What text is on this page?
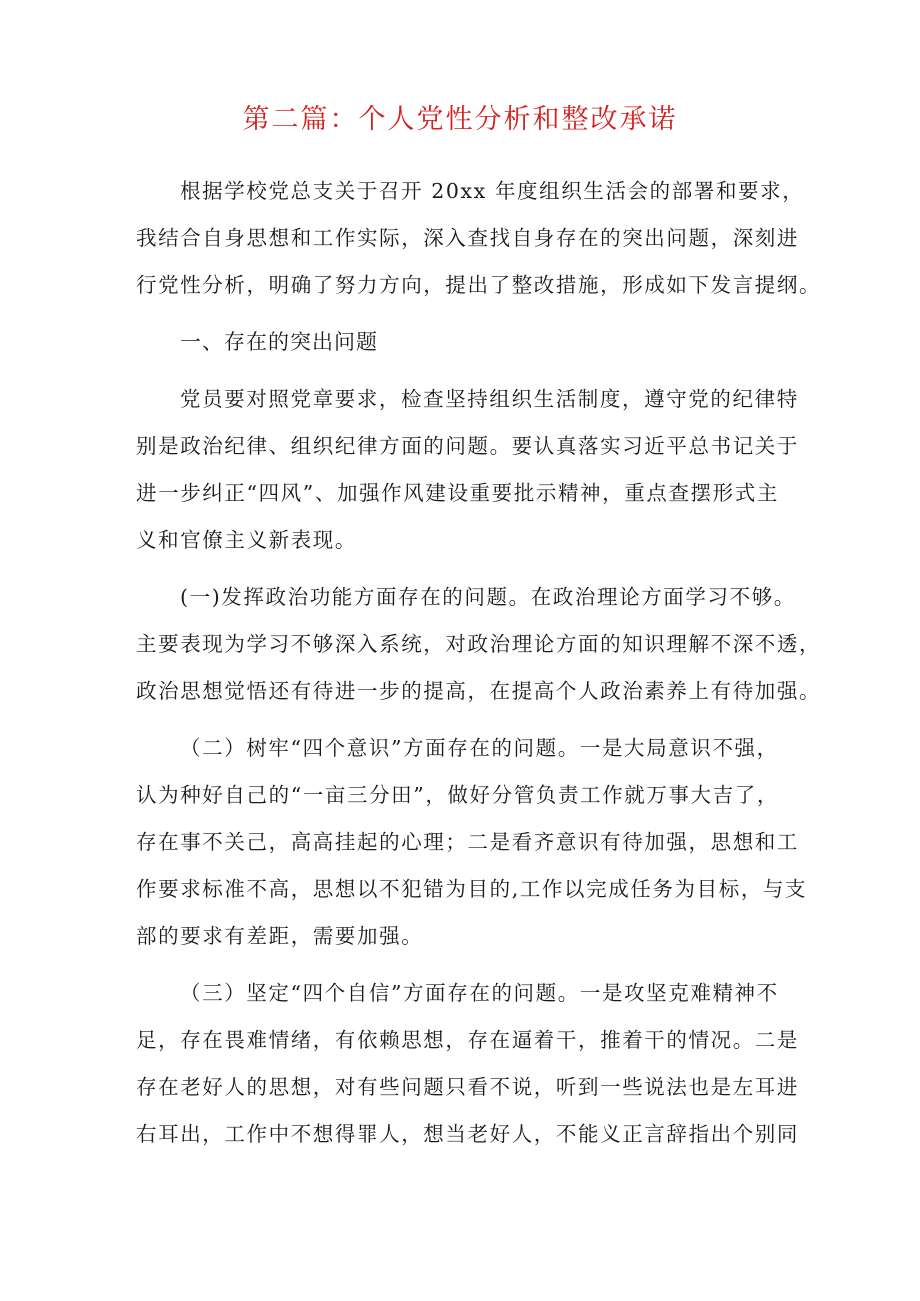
第二篇：个人党性分析和整改承诺
根据学校党总支关于召开 20xx 年度组织生活会的部署和要求，
我结合自身思想和工作实际，深入查找自身存在的突出问题，深刻进
行党性分析，明确了努力方向，提出了整改措施，形成如下发言提纲。
一、存在的突出问题
党员要对照党章要求，检查坚持组织生活制度，遵守党的纪律特
别是政治纪律、组织纪律方面的问题。要认真落实习近平总书记关于
进一步纠正“四风”、加强作风建设重要批示精神，重点查摆形式主
义和官僚主义新表现。
(一)发挥政治功能方面存在的问题。在政治理论方面学习不够。
主要表现为学习不够深入系统，对政治理论方面的知识理解不深不透，
政治思想觉悟还有待进一步的提高，在提高个人政治素养上有待加强。
（二）树牢“四个意识”方面存在的问题。一是大局意识不强，
认为种好自己的“一亩三分田”，做好分管负责工作就万事大吉了，
存在事不关己，高高挂起的心理；二是看齐意识有待加强，思想和工
作要求标准不高，思想以不犯错为目的,工作以完成任务为目标，与支
部的要求有差距，需要加强。
（三）坚定“四个自信”方面存在的问题。一是攻坚克难精神不
足，存在畏难情绪，有依赖思想，存在逼着干，推着干的情况。二是
存在老好人的思想，对有些问题只看不说，听到一些说法也是左耳进
右耳出，工作中不想得罪人，想当老好人，不能义正言辞指出个别同
